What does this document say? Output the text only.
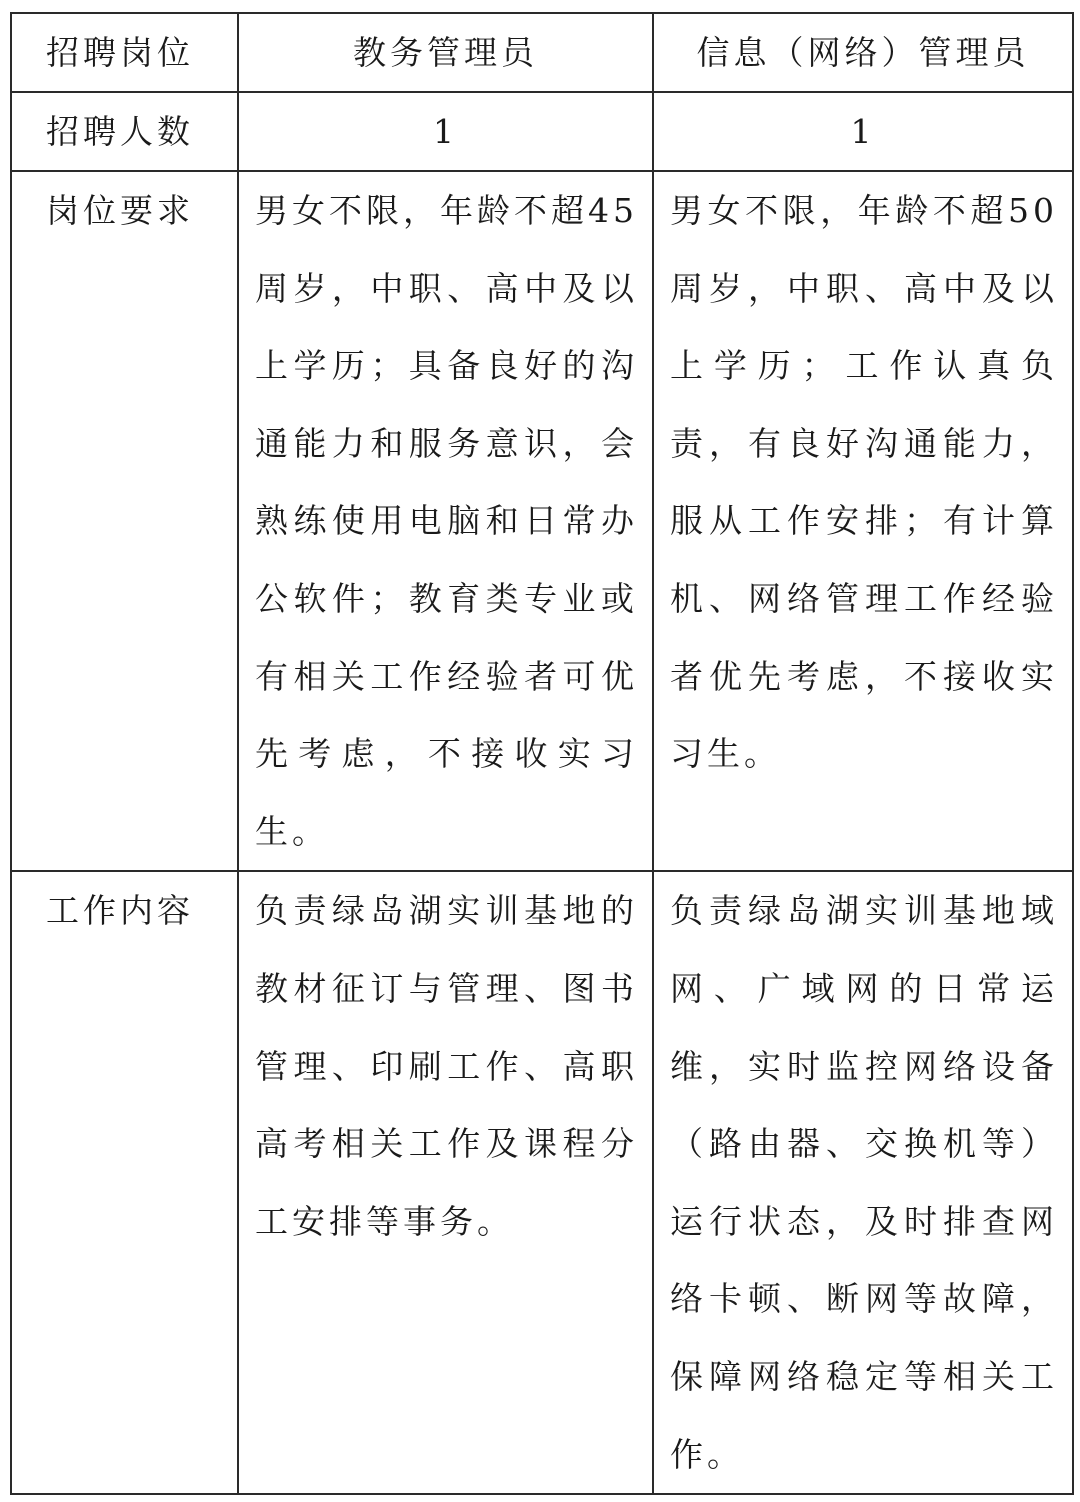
招聘岗位	教务管理员	信息（网络）管理员
招聘人数	1	1
岗位要求	男女不限，年龄不超45周岁，中职、高中及以上学历；具备良好的沟通能力和服务意识，会熟练使用电脑和日常办公软件；教育类专业或有相关工作经验者可优先考虑，不接收实习生。	男女不限，年龄不超50周岁，中职、高中及以上学历；工作认真负责，有良好沟通能力，服从工作安排；有计算机、网络管理工作经验者优先考虑，不接收实习生。
工作内容	负责绿岛湖实训基地的教材征订与管理、图书管理、印刷工作、高职高考相关工作及课程分工安排等事务。	负责绿岛湖实训基地域网、广域网的日常运维，实时监控网络设备（路由器、交换机等）运行状态，及时排查网络卡顿、断网等故障，保障网络稳定等相关工作。
